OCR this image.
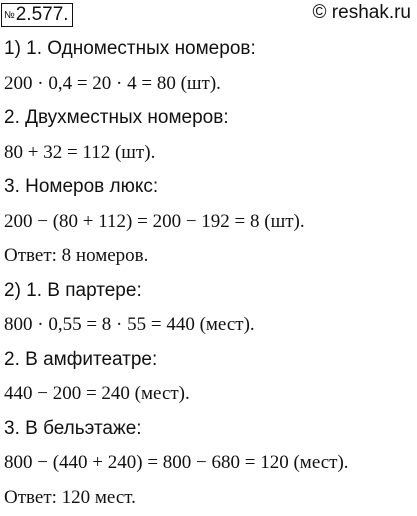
№2.577.	© reshak.ru
1) 1. Одноместных номеров:
200 · 0,4 = 20 · 4 = 80 (шт).
2. Двухместных номеров:
80 + 32 = 112 (шт).
3. Номеров люкс:
200 − (80 + 112) = 200 − 192 = 8 (шт).
Ответ: 8 номеров.
2) 1. В партере:
800 · 0,55 = 8 · 55 = 440 (мест).
2. В амфитеатре:
440 − 200 = 240 (мест).
3. В бельэтаже:
800 − (440 + 240) = 800 − 680 = 120 (мест).
Ответ: 120 мест.
